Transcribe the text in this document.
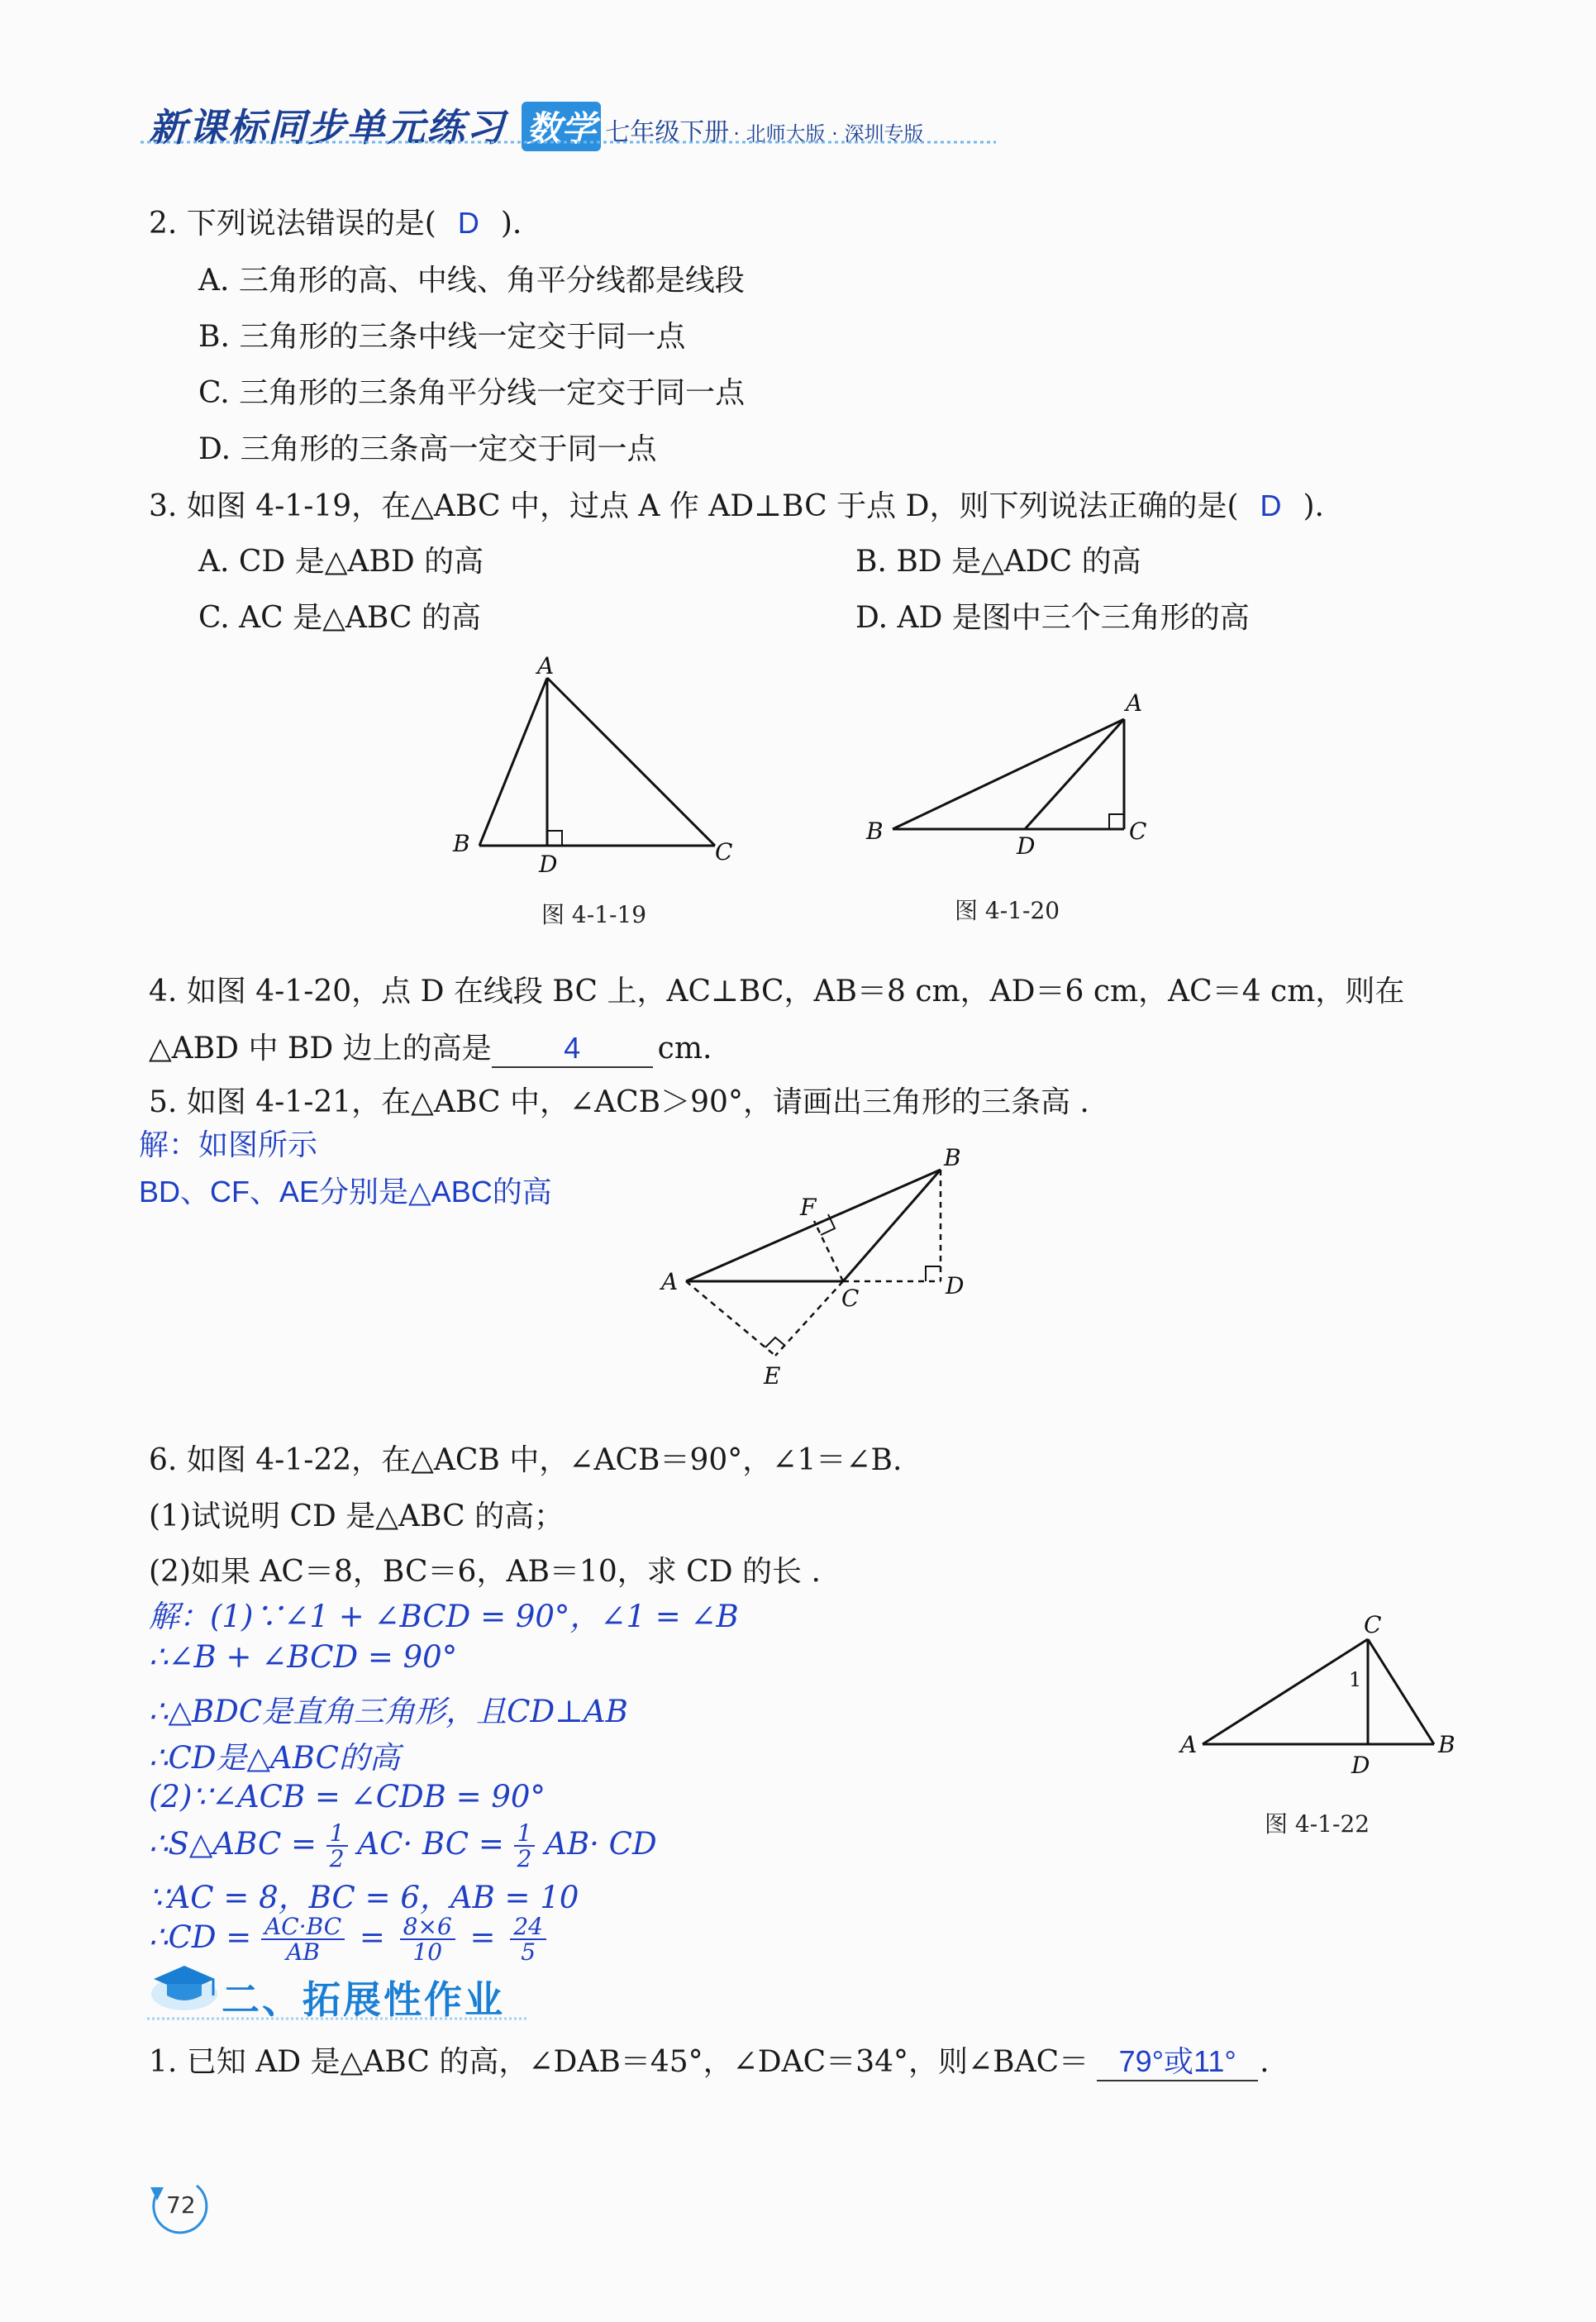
新课标同步单元练习 数学 七年级下册 · 北师大版 · 深圳专版
2. 下列说法错误的是( D ).
A. 三角形的高、中线、角平分线都是线段
B. 三角形的三条中线一定交于同一点
C. 三角形的三条角平分线一定交于同一点
D. 三角形的三条高一定交于同一点
3. 如图 4-1-19，在△ABC 中，过点 A 作 AD⊥BC 于点 D，则下列说法正确的是( D ).
A. CD 是△ABD 的高	B. BD 是△ADC 的高
C. AC 是△ABC 的高	D. AD 是图中三个三角形的高
A
B	C
D
图 4-1-19
A
B	C
D
图 4-1-20
4. 如图 4-1-20，点 D 在线段 BC 上，AC⊥BC，AB＝8 cm，AD＝6 cm，AC＝4 cm，则在
△ABD 中 BD 边上的高是 4	cm.
5. 如图 4-1-21，在△ABC 中，∠ACB＞90°，请画出三角形的三条高 .
解：如图所示
BD、CF、AE分别是△ABC的高
A
B
C	D
E
F
6. 如图 4-1-22，在△ACB 中，∠ACB＝90°，∠1＝∠B.
(1)试说明 CD 是△ABC 的高；
(2)如果 AC＝8，BC＝6，AB＝10，求 CD 的长 .
解：(1)∵∠1 + ∠BCD = 90°，∠1 = ∠B
∴∠B + ∠BCD = 90°
∴△BDC是直角三角形，且CD⊥AB
∴CD是△ABC的高
(2)∵∠ACB = ∠CDB = 90°
∴S△ABC = $\frac{1}{2} AC\cdot$ BC = $\frac{1}{2} AB\cdot$ CD
∵AC = 8，BC = 6，AB = 10
∴CD = $\frac{AC\cdot BC}{AB} = \frac{8\times 6}{10} = \frac{24}{5}$
A	B
C
D
1
图 4-1-22
二、拓展性作业
1. 已知 AD 是△ABC 的高，∠DAB＝45°，∠DAC＝34°，则∠BAC＝ 79°或11° .
72
